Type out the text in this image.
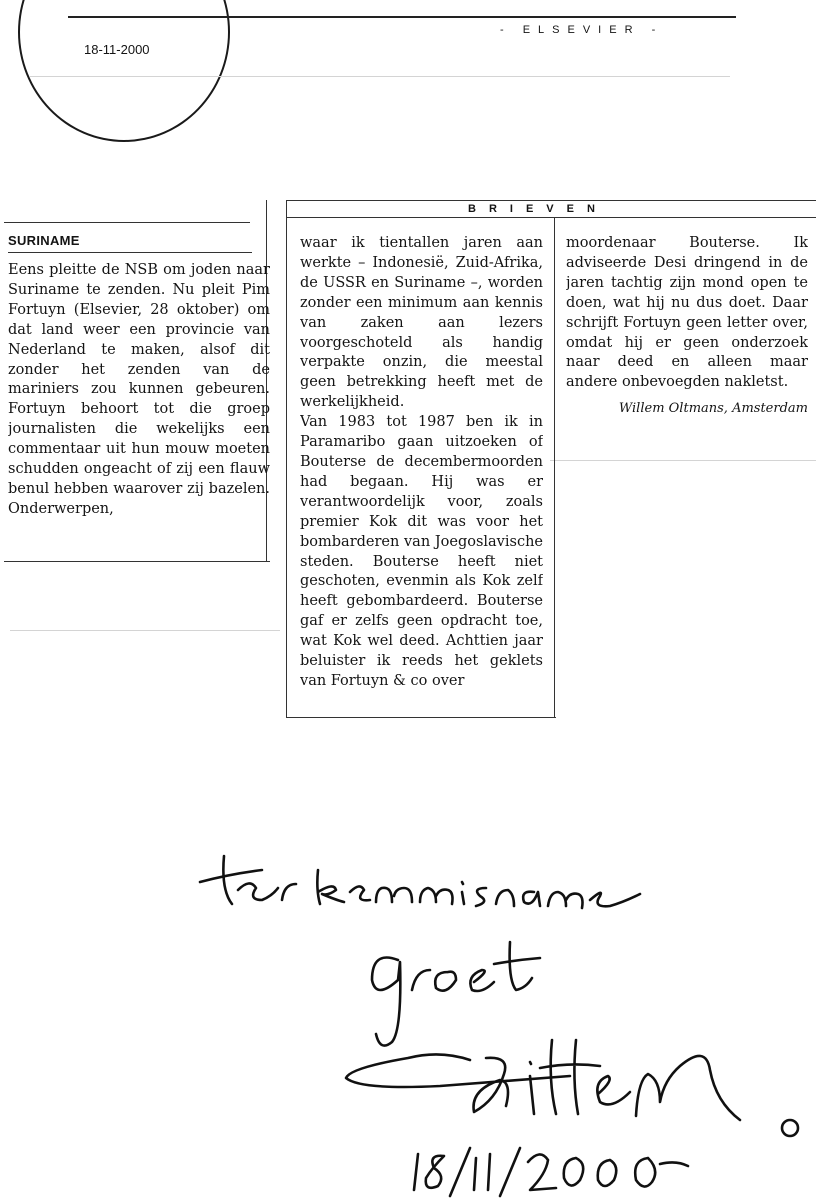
18-11-2000
- ELSEVIER -
BRIEVEN
SURINAME

Eens pleitte de NSB om joden naar Suriname te zenden. Nu pleit Pim Fortuyn (Elsevier, 28 oktober) om dat land weer een provincie van Nederland te maken, alsof dit zonder het zenden van de mariniers zou kunnen gebeuren. Fortuyn behoort tot die groep journalisten die wekelijks een commentaar uit hun mouw moeten schudden ongeacht of zij een flauw benul hebben waarover zij bazelen. Onderwerpen,

waar ik tientallen jaren aan werkte – Indonesië, Zuid-Afrika, de USSR en Suriname –, worden zonder een minimum aan kennis van zaken aan lezers voorgeschoteld als handig verpakte onzin, die meestal geen betrekking heeft met de werkelijkheid.

Van 1983 tot 1987 ben ik in Paramaribo gaan uitzoeken of Bouterse de decembermoorden had begaan. Hij was er verantwoordelijk voor, zoals premier Kok dit was voor het bombarderen van Joegoslavische steden. Bouterse heeft niet geschoten, evenmin als Kok zelf heeft gebombardeerd. Bouterse gaf er zelfs geen opdracht toe, wat Kok wel deed. Achttien jaar beluister ik reeds het geklets van Fortuyn & co over

moordenaar Bouterse. Ik adviseerde Desi dringend in de jaren tachtig zijn mond open te doen, wat hij nu dus doet. Daar schrijft Fortuyn geen letter over, omdat hij er geen onderzoek naar deed en alleen maar andere onbevoegden nakletst.

Willem Oltmans, Amsterdam
